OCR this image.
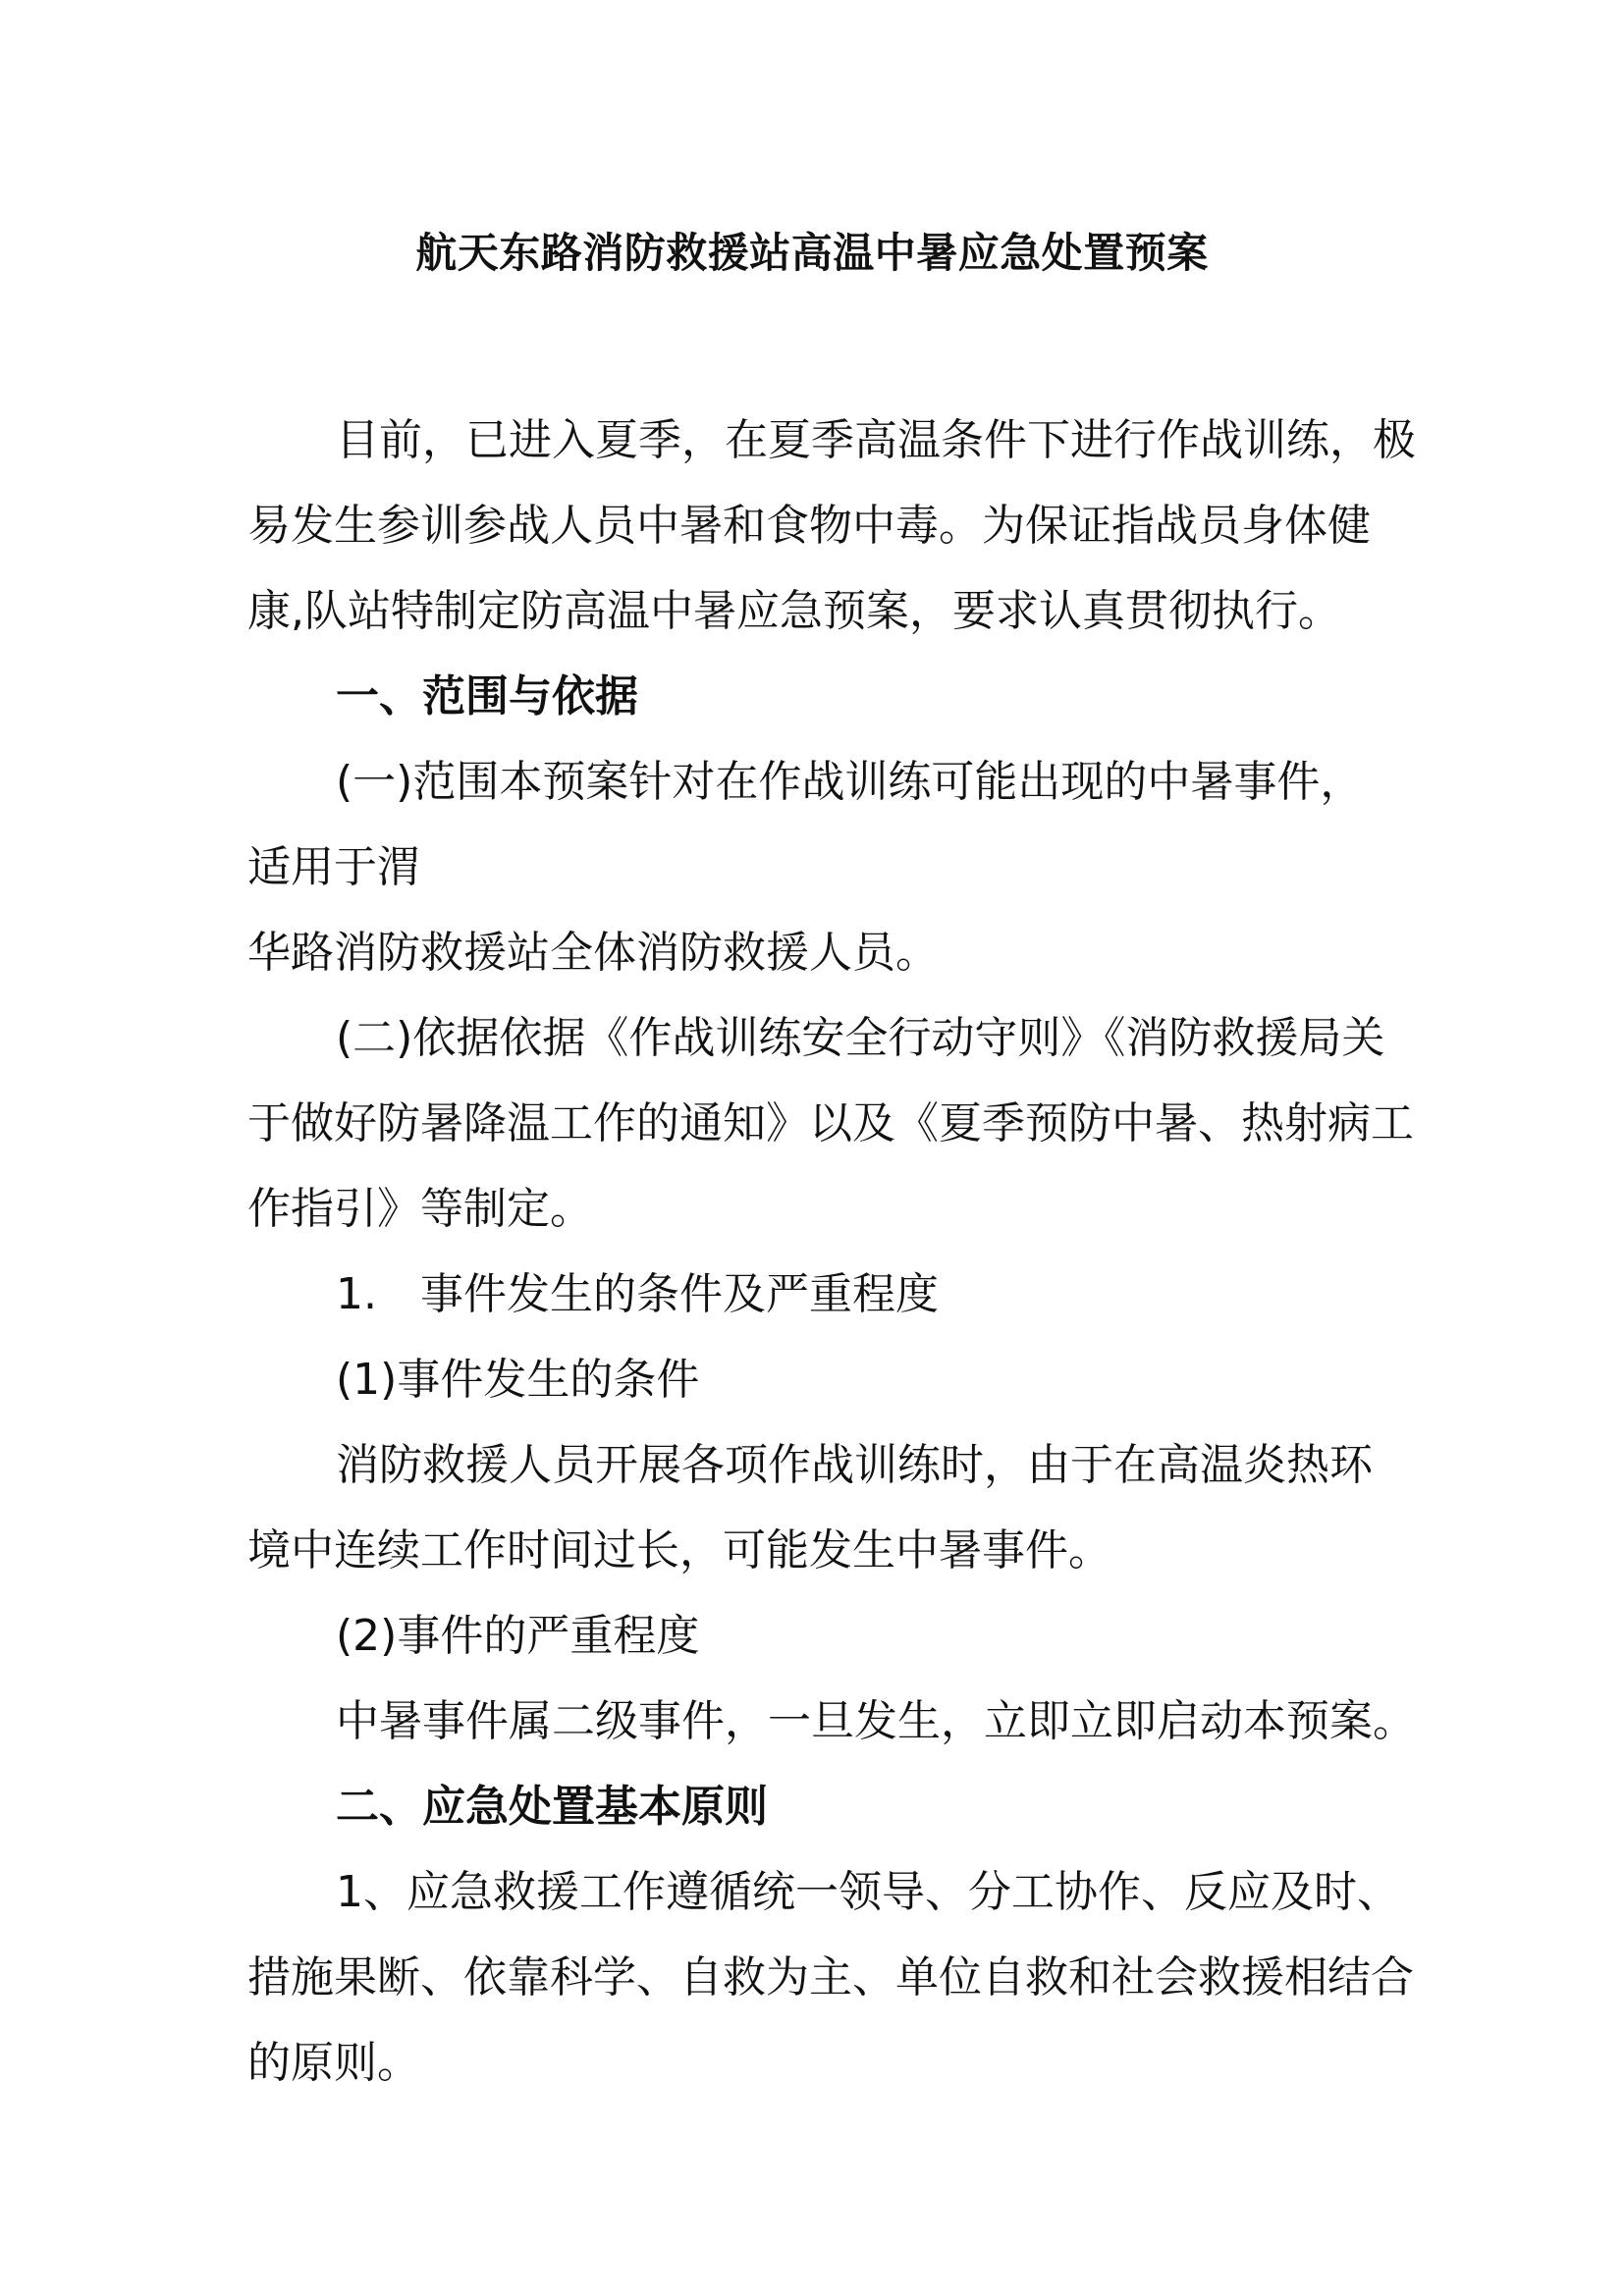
航天东路消防救援站高温中暑应急处置预案
目前，已进入夏季，在夏季高温条件下进行作战训练，极
易发生参训参战人员中暑和食物中毒。为保证指战员身体健
康,队站特制定防高温中暑应急预案，要求认真贯彻执行。
一、范围与依据
(一)范围本预案针对在作战训练可能出现的中暑事件，
适用于渭
华路消防救援站全体消防救援人员。
(二)依据依据《作战训练安全行动守则》《消防救援局关
于做好防暑降温工作的通知》以及《夏季预防中暑、热射病工
作指引》等制定。
1. 事件发生的条件及严重程度
(1)事件发生的条件
消防救援人员开展各项作战训练时，由于在高温炎热环
境中连续工作时间过长，可能发生中暑事件。
(2)事件的严重程度
中暑事件属二级事件，一旦发生，立即立即启动本预案。
二、应急处置基本原则
1、应急救援工作遵循统一领导、分工协作、反应及时、
措施果断、依靠科学、自救为主、单位自救和社会救援相结合
的原则。
